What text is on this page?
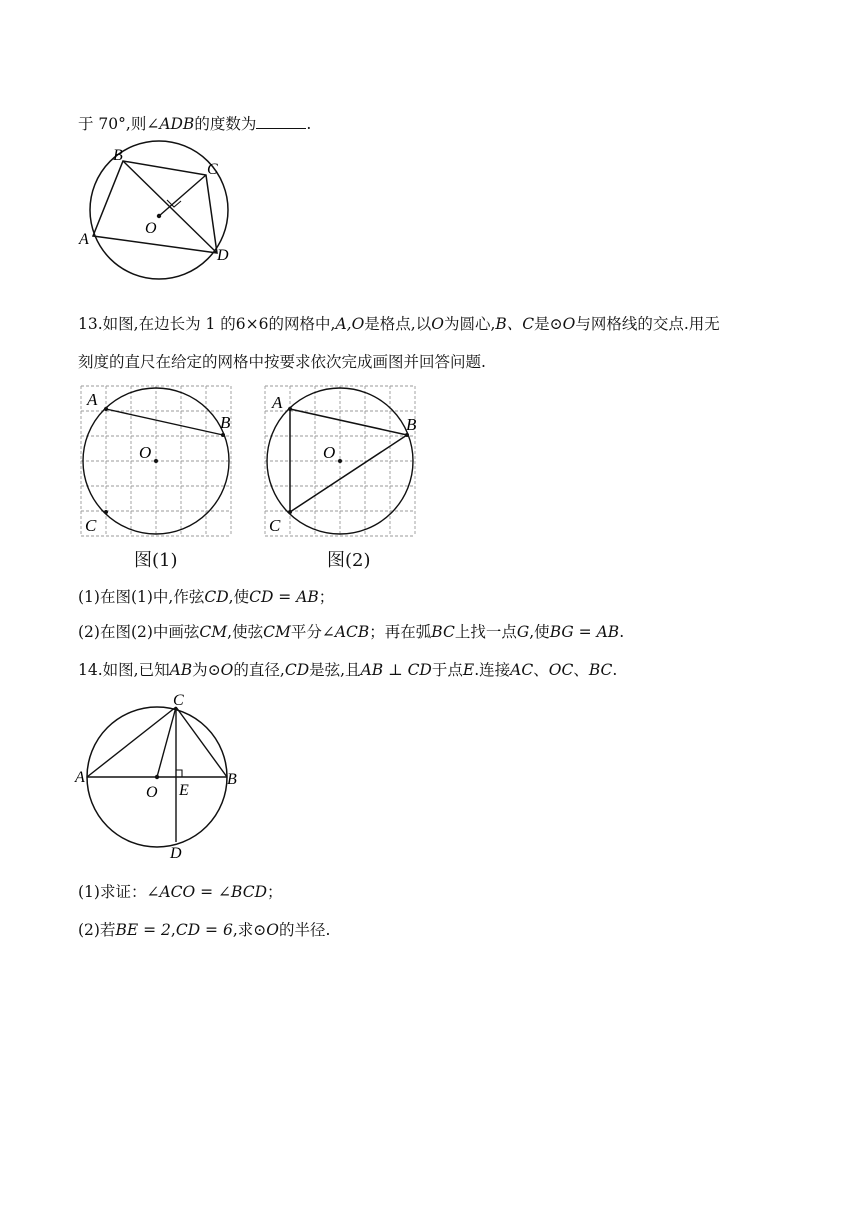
于 70°,则∠ADB的度数为	.
B
C
O
A
D
13.如图,在边长为 1 的6×6的网格中,A,O是格点,以O为圆心,B、C是⊙O与网格线的交点.用无
刻度的直尺在给定的网格中按要求依次完成画图并回答问题.
A
B
O
C
图(1)
A
B
O
C
图(2)
(1)在图(1)中,作弦CD,使CD = AB；
(2)在图(2)中画弦CM,使弦CM平分∠ACB；再在弧BC上找一点G,使BG = AB.
14.如图,已知AB为⊙O的直径,CD是弦,且AB ⊥ CD于点E.连接AC、OC、BC.
C
A	B
O E
D
(1)求证：∠ACO = ∠BCD；
(2)若BE = 2,CD = 6,求⊙O的半径.
